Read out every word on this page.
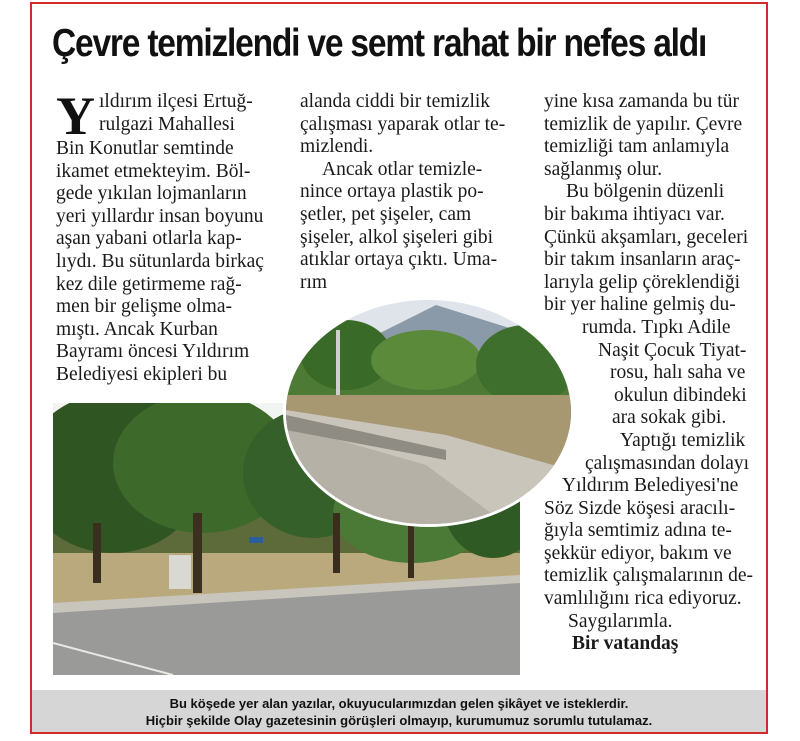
Çevre temizlendi ve semt rahat bir nefes aldı
Y ıldırım ilçesi Ertuğ-
rulgazi Mahallesi
Bin Konutlar semtinde
ikamet etmekteyim. Böl-
gede yıkılan lojmanların
yeri yıllardır insan boyunu
aşan yabani otlarla kap-
lıydı. Bu sütunlarda birkaç
kez dile getirmeme rağ-
men bir gelişme olma-
mıştı. Ancak Kurban
Bayramı öncesi Yıldırım
Belediyesi ekipleri bu
alanda ciddi bir temizlik
çalışması yaparak otlar te-
mizlendi.
Ancak otlar temizle-
nince ortaya plastik po-
şetler, pet şişeler, cam
şişeler, alkol şişeleri gibi
atıklar ortaya çıktı. Uma-
rım
yine kısa zamanda bu tür
temizlik de yapılır. Çevre
temizliği tam anlamıyla
sağlanmış olur.
Bu bölgenin düzenli
bir bakıma ihtiyacı var.
Çünkü akşamları, geceleri
bir takım insanların araç-
larıyla gelip çöreklendiği
bir yer haline gelmiş du-
rumda. Tıpkı Adile
Naşit Çocuk Tiyat-
rosu, halı saha ve
okulun dibindeki
ara sokak gibi.
Yaptığı temizlik
çalışmasından dolayı
Yıldırım Belediyesi'ne
Söz Sizde köşesi aracılı-
ğıyla semtimiz adına te-
şekkür ediyor, bakım ve
temizlik çalışmalarının de-
vamlılığını rica ediyoruz.
Saygılarımla.
Bir vatandaş
Bu köşede yer alan yazılar, okuyucularımızdan gelen şikâyet ve isteklerdir.
Hiçbir şekilde Olay gazetesinin görüşleri olmayıp, kurumumuz sorumlu tutulamaz.
